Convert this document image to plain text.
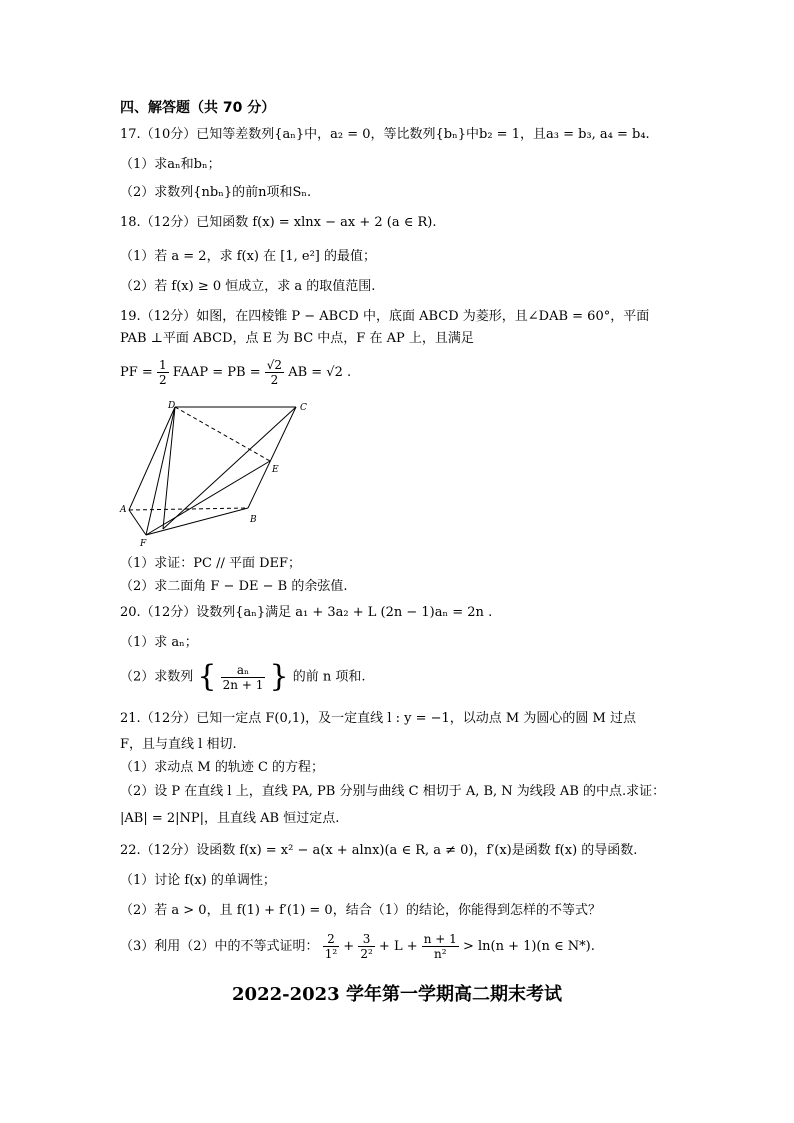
四、解答题（共 70 分）
17.（10分）已知等差数列{aₙ}中，a₂ = 0，等比数列{bₙ}中b₂ = 1，且a₃ = b₃, a₄ = b₄.
（1）求aₙ和bₙ；
（2）求数列{nbₙ}的前n项和Sₙ.
18.（12分）已知函数 f(x) = xlnx − ax + 2 (a ∈ R).
（1）若 a = 2，求 f(x) 在 [1, e²] 的最值；
（2）若 f(x) ≥ 0 恒成立，求 a 的取值范围.
19.（12分）如图，在四棱锥 P − ABCD 中，底面 ABCD 为菱形，且∠DAB = 60°，平面
PAB ⊥平面 ABCD，点 E 为 BC 中点，F 在 AP 上，且满足
PF = $\frac{1}{2}$ FAAP = PB = $\frac{√2}{2}$ AB = √2 .
D	C
E
A
B
F
（1）求证：PC // 平面 DEF；
（2）求二面角 F − DE − B 的余弦值.
20.（12分）设数列{aₙ}满足 a₁ + 3a₂ + L (2n − 1)aₙ = 2n .
（1）求 aₙ；
（2）求数列 { $\frac{\text{aₙ}}{2n + 1}$ } 的前 n 项和.
21.（12分）已知一定点 F(0,1)，及一定直线 l : y = −1，以动点 M 为圆心的圆 M 过点
F，且与直线 l 相切.
（1）求动点 M 的轨迹 C 的方程；
（2）设 P 在直线 l 上，直线 PA, PB 分别与曲线 C 相切于 A, B, N 为线段 AB 的中点.求证：
|AB| = 2|NP|，且直线 AB 恒过定点.
22.（12分）设函数 f(x) = x² − a(x + alnx)(a ∈ R, a ≠ 0)，f′(x)是函数 f(x) 的导函数.
（1）讨论 f(x) 的单调性；
（2）若 a > 0，且 f(1) + f′(1) = 0，结合（1）的结论，你能得到怎样的不等式？
（3）利用（2）中的不等式证明： $\frac{2}{\text{1²}} + \frac{3}{\text{2²}} + L + \frac{n + 1}{\text{n²}} > \ln(n + 1)(n$ ∈ N*).
2022-2023 学年第一学期高二期末考试
